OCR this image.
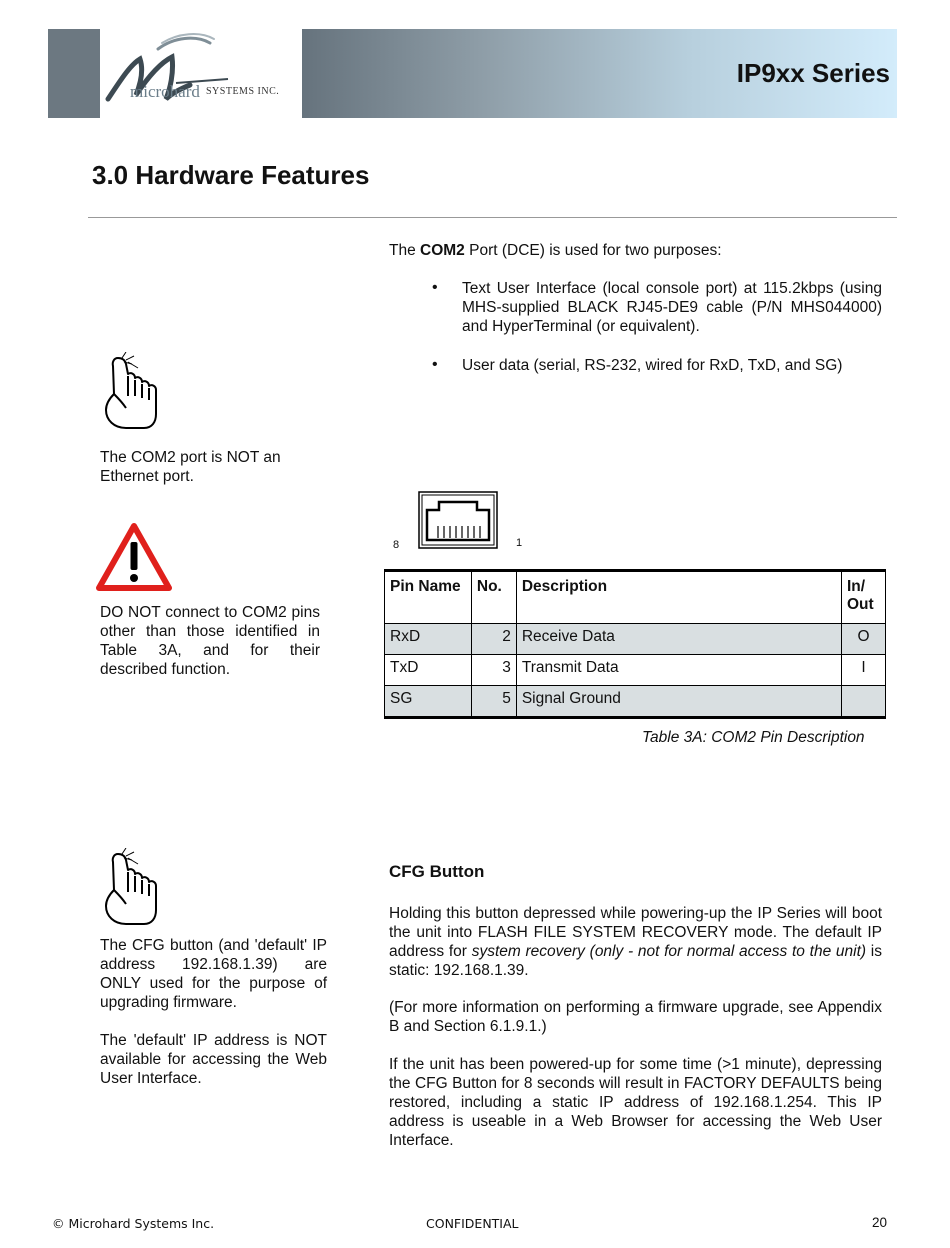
microhard SYSTEMS INC.
IP9xx Series
3.0 Hardware Features
The COM2 Port (DCE) is used for two purposes:
• Text User Interface (local console port) at 115.2kbps (using MHS-supplied BLACK RJ45-DE9 cable (P/N MHS044000) and HyperTerminal (or equivalent).
• User data (serial, RS-232, wired for RxD, TxD, and SG)
The COM2 port is NOT an Ethernet port.
DO NOT connect to COM2 pins other than those identified in Table 3A, and for their described function.
8	1
Pin Name	No.	Description	In/ Out
RxD	2	Receive Data	O
TxD	3	Transmit Data	I
SG	5	Signal Ground	
Table 3A: COM2 Pin Description
The CFG button (and 'default' IP address 192.168.1.39) are ONLY used for the purpose of upgrading firmware.
The 'default' IP address is NOT available for accessing the Web User Interface.
CFG Button
Holding this button depressed while powering-up the IP Series will boot the unit into FLASH FILE SYSTEM RECOVERY mode. The default IP address for system recovery (only - not for normal access to the unit) is static: 192.168.1.39.
(For more information on performing a firmware upgrade, see Appendix B and Section 6.1.9.1.)
If the unit has been powered-up for some time (>1 minute), depressing the CFG Button for 8 seconds will result in FACTORY DEFAULTS being restored, including a static IP address of 192.168.1.254. This IP address is useable in a Web Browser for accessing the Web User Interface.
© Microhard Systems Inc.	CONFIDENTIAL	20
